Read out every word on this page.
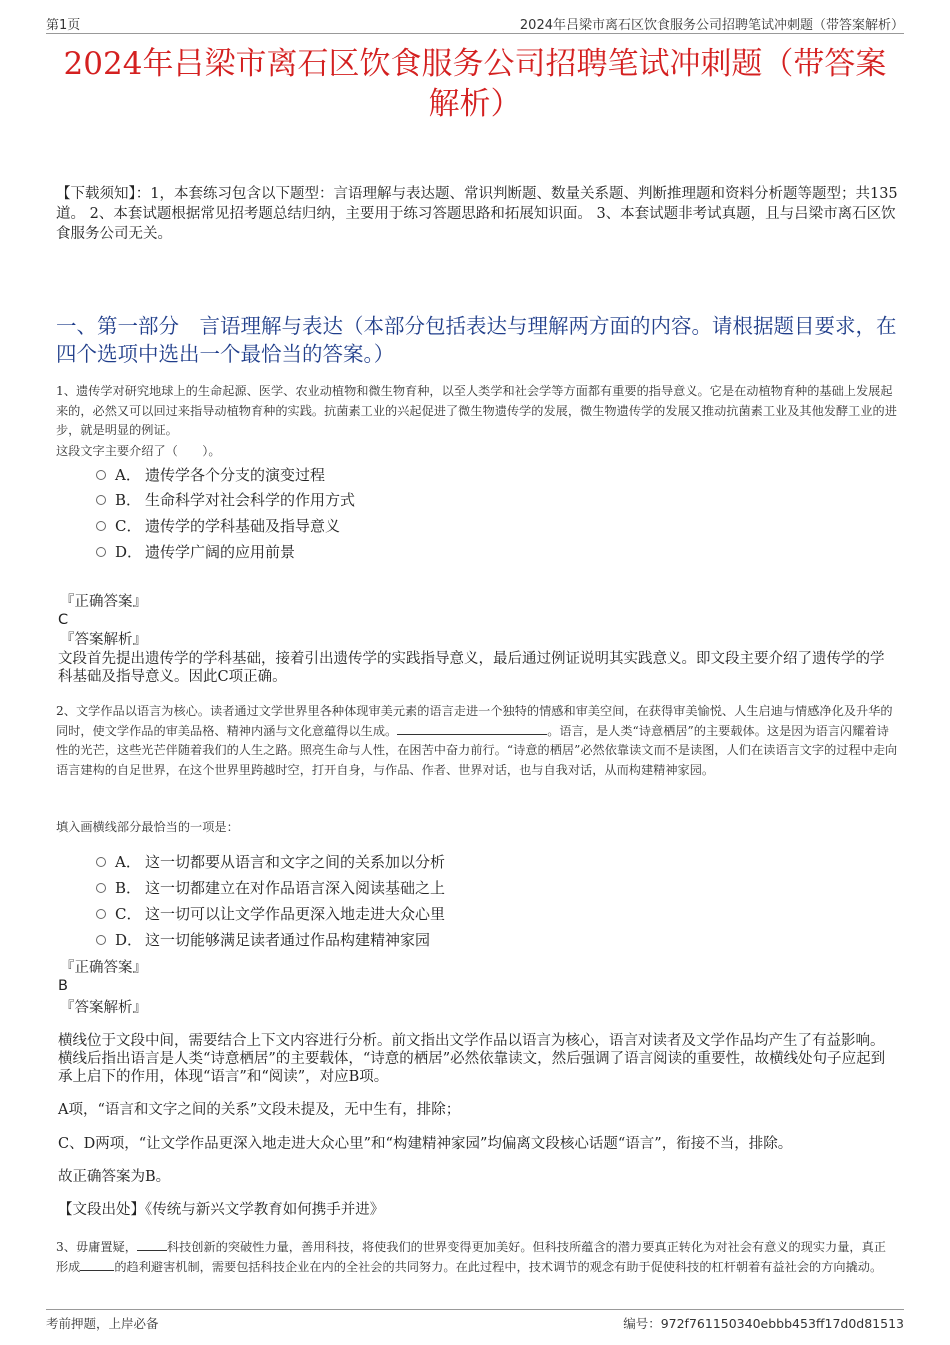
第1页	2024年吕梁市离石区饮食服务公司招聘笔试冲刺题（带答案解析）
2024年吕梁市离石区饮食服务公司招聘笔试冲刺题（带答案解析）
【下载须知】：1，本套练习包含以下题型：言语理解与表达题、常识判断题、数量关系题、判断推理题和资料分析题等题型；共135道。 2、本套试题根据常见招考题总结归纳，主要用于练习答题思路和拓展知识面。 3、本套试题非考试真题，且与吕梁市离石区饮食服务公司无关。
一、第一部分　言语理解与表达（本部分包括表达与理解两方面的内容。请根据题目要求，在四个选项中选出一个最恰当的答案。）
1、遗传学对研究地球上的生命起源、医学、农业动植物和微生物育种，以至人类学和社会学等方面都有重要的指导意义。它是在动植物育种的基础上发展起来的，必然又可以回过来指导动植物育种的实践。抗菌素工业的兴起促进了微生物遗传学的发展，微生物遗传学的发展又推动抗菌素工业及其他发酵工业的进步，就是明显的例证。
这段文字主要介绍了（　　）。
A． 遗传学各个分支的演变过程
B． 生命科学对社会科学的作用方式
C． 遗传学的学科基础及指导意义
D． 遗传学广阔的应用前景
『正确答案』
C
『答案解析』
文段首先提出遗传学的学科基础，接着引出遗传学的实践指导意义，最后通过例证说明其实践意义。即文段主要介绍了遗传学的学科基础及指导意义。因此C项正确。
2、文学作品以语言为核心。读者通过文学世界里各种体现审美元素的语言走进一个独特的情感和审美空间，在获得审美愉悦、人生启迪与情感净化及升华的同时，使文学作品的审美品格、精神内涵与文化意蕴得以生成。	。语言，是人类“诗意栖居”的主要载体。这是因为语言闪耀着诗性的光芒，这些光芒伴随着我们的人生之路。照亮生命与人性，在困苦中奋力前行。“诗意的栖居”必然依靠读文而不是读图，人们在读语言文字的过程中走向语言建构的自足世界，在这个世界里跨越时空，打开自身，与作品、作者、世界对话，也与自我对话，从而构建精神家园。
填入画横线部分最恰当的一项是：
A． 这一切都要从语言和文字之间的关系加以分析
B． 这一切都建立在对作品语言深入阅读基础之上
C． 这一切可以让文学作品更深入地走进大众心里
D． 这一切能够满足读者通过作品构建精神家园
『正确答案』
B
『答案解析』
横线位于文段中间，需要结合上下文内容进行分析。前文指出文学作品以语言为核心，语言对读者及文学作品均产生了有益影响。横线后指出语言是人类“诗意栖居”的主要载体，“诗意的栖居”必然依靠读文，然后强调了语言阅读的重要性，故横线处句子应起到承上启下的作用，体现“语言”和“阅读”，对应B项。
A项，“语言和文字之间的关系”文段未提及，无中生有，排除；
C、D两项，“让文学作品更深入地走进大众心里”和“构建精神家园”均偏离文段核心话题“语言”，衔接不当，排除。
故正确答案为B。
【文段出处】《传统与新兴文学教育如何携手并进》
3、毋庸置疑， 科技创新的突破性力量，善用科技，将使我们的世界变得更加美好。但科技所蕴含的潜力要真正转化为对社会有意义的现实力量，真正形成	的趋利避害机制，需要包括科技企业在内的全社会的共同努力。在此过程中，技术调节的观念有助于促使科技的杠杆朝着有益社会的方向撬动。
考前押题，上岸必备	编号：972f761150340ebbb453ff17d0d81513
